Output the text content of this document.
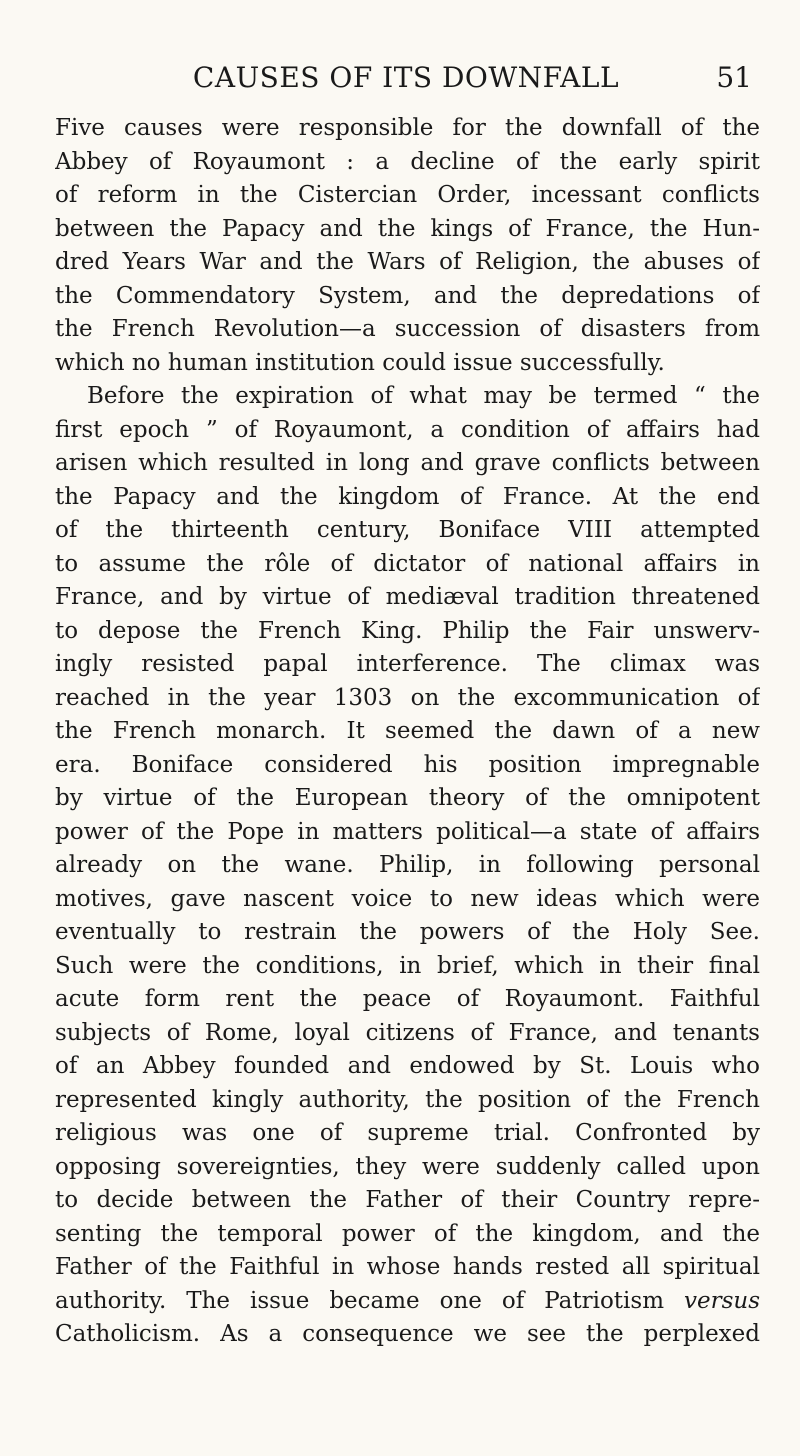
CAUSES OF ITS DOWNFALL	51
Five causes were responsible for the downfall of the
Abbey of Royaumont : a decline of the early spirit
of reform in the Cistercian Order, incessant conflicts
between the Papacy and the kings of France, the Hun-
dred Years War and the Wars of Religion, the abuses of
the Commendatory System, and the depredations of
the French Revolution—a succession of disasters from
which no human institution could issue successfully.
Before the expiration of what may be termed “ the
first epoch ” of Royaumont, a condition of affairs had
arisen which resulted in long and grave conflicts between
the Papacy and the kingdom of France. At the end
of the thirteenth century, Boniface VIII attempted
to assume the rôle of dictator of national affairs in
France, and by virtue of mediæval tradition threatened
to depose the French King. Philip the Fair unswerv-
ingly resisted papal interference. The climax was
reached in the year 1303 on the excommunication of
the French monarch. It seemed the dawn of a new
era. Boniface considered his position impregnable
by virtue of the European theory of the omnipotent
power of the Pope in matters political—a state of affairs
already on the wane. Philip, in following personal
motives, gave nascent voice to new ideas which were
eventually to restrain the powers of the Holy See.
Such were the conditions, in brief, which in their final
acute form rent the peace of Royaumont. Faithful
subjects of Rome, loyal citizens of France, and tenants
of an Abbey founded and endowed by St. Louis who
represented kingly authority, the position of the French
religious was one of supreme trial. Confronted by
opposing sovereignties, they were suddenly called upon
to decide between the Father of their Country repre-
senting the temporal power of the kingdom, and the
Father of the Faithful in whose hands rested all spiritual
authority. The issue became one of Patriotism versus
Catholicism. As a consequence we see the perplexed
